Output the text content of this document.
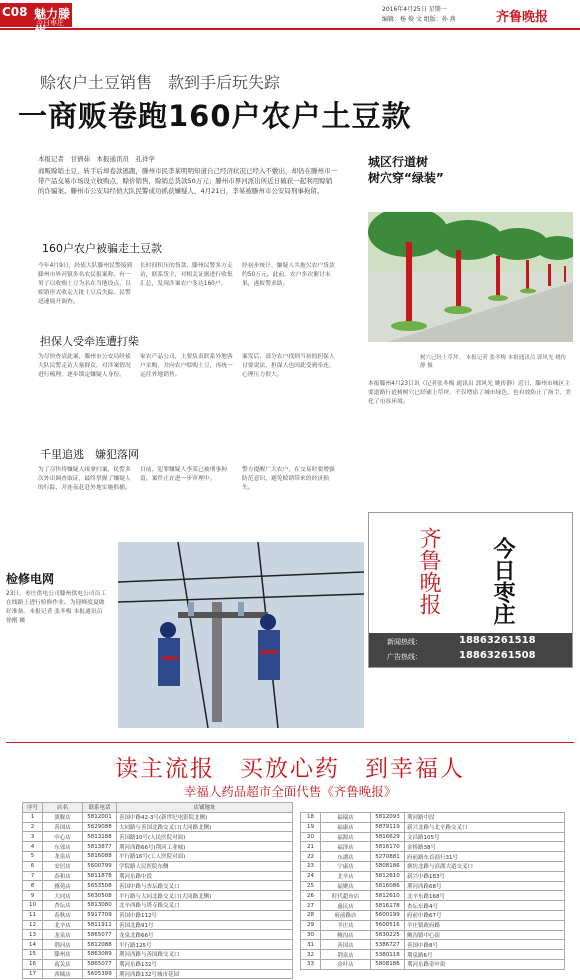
C08 魅力滕州
今日枣庄
2016年4月25日 星期一
编辑：杨 俊 文 组版：孙 燕	齐鲁晚报
赊农户土豆销售　款到手后玩失踪
一商贩卷跑160户农户土豆款
本报记者　甘倩茹　本报通讯员　孔祥学
商贩赊销土豆，转手后却卷款逃跑，滕州市民李某明明知道自己经济状况已经入不敷出，却仍在滕州市一带产品交易市场设立收购点，赊价销售，赊销总货款50万元；滕州市界河派出所近日破获一起利用赊销的诈骗案。滕州市公安局经侦大队民警成功抓获嫌疑人，4月21日，李某被滕州市公安局刑事拘留。
160户农户被骗走土豆款
今年4月9日，经侦大队滕州民警接到滕州市界河镇多名农民报案称，有一男子以收购土豆为名在当地设点，以赊销形式收走大批土豆后失踪。民警迅速展开调查。
长时间积压的货款，滕州民警多方走访，联系货主，对相关证据进行收集汇总，发现涉案农户多达160户。
经初步统计，嫌疑人共拖欠农户货款约50万元。此前，农户多次催讨未果，遂报警求助。
担保人受牵连遭打柴
为尽快查清此案，滕州市公安局经侦大队民警走访大量群众，对涉案情况进行梳理，逐步锁定嫌疑人身份。
家农产品公司，主要负责联系外地客户采购，并向农户赊购土豆，再统一运往外地销售。
案发后，部分农户找到当初的担保人讨要说法，担保人也因此受到牵连，心理压力很大。
千里追逃　嫌犯落网
为了尽快将嫌疑人缉拿归案，民警多次外出调查取证，最终掌握了嫌疑人的行踪，并连夜赶赴外地实施抓捕。
目前，犯罪嫌疑人李某已被刑事拘留，案件正在进一步审理中。
警方提醒广大农户，在交易时要增强防范意识，避免赊销带来的经济损失。
城区行道树
树穴穿“绿装”
树穴已经上草坪。 本报记者 张冬梅 本报通讯员 郭风光 姚传静 摄
本报滕州4月23日讯（记者张冬梅 通讯员 郭风光 姚传静）近日，滕州市城区主要道路行道树树穴已经铺上草坪，不仅增添了城市绿色，也有效防止了扬尘，美化了市容环境。
检修电网
23日，枣庄供电公司滕州供电公司员工在线路上进行检修作业。为迎峰度夏做好准备。本报记者 张冬梅 本报通讯员 徐刚 摄
齐鲁晚报 今日枣庄
新闻热线：	18863261518
广告热线：	18863261508
读主流报　买放心药　到幸福人
幸福人药品超市全面代售《齐鲁晚报》
序号	店名	联系电话	店铺地址
1	旗舰店	5812001	善国中路42-3号(新世纪电影院北侧)
2	善国店	5629088	大同路与善国北路交叉口(大同路北侧)
3	中心店	5813188	善国路10号(人民医院对面)
4	东郊店	5813877	荆河西路66号(荆河工业城)
5	龙泉店	5816088	平行路16号(工人医院对面)
6	安居店	5600799	学院路人民医院东侧
7	春和店	5811878	荆河东路中段
8	雅苑店	5653508	善国中路与杏坛路交叉口
9	大同店	5630508	平行路与大同北路交叉口(大同路北侧)
10	杏坛店	5813080	北辛西路与塔寺路交叉口
11	春秋店	5917709	善国中路112号
12	北辛店	5811911	善国北路91号
13	龙泉店	5865077	龙泉北路66号
14	荆河店	5812088	平行路125号
15	滕州店	5863089	荆河西路与善国路交叉口
16	南关店	5865077	荆河东路132号
17	西城店	5605399	荆河西路132号城市花园
18	福瑞店	5812093	荆河路中段
19	福康店	5879119	新兴北路与北辛路交叉口
20	福源店	5816629	文昌路105号
21	福泽店	5816170	金桥路38号
22	东湖店	5270881	府前路东首商行31号
23	宁康店	5808186	塘坊北路与滨湖大道交叉口
24	北辛店	5812610	新兴中路183号
25	福聚店	5816086	荆河西路68号
26	时代超市店	5812610	北辛东路168号
27	惠民店	5816178	杏坛东路4号
28	府前路店	5600199	府前中路67号
29	羊庄店	5600516	羊庄镇政府路
30	鲍沟店	5630225	鲍沟镇中心街
31	善国店	5386727	善国中路8号
32	荆泉店	5380118	荆泉路6号
33	金叶店	5808186	荆河东路金叶街
